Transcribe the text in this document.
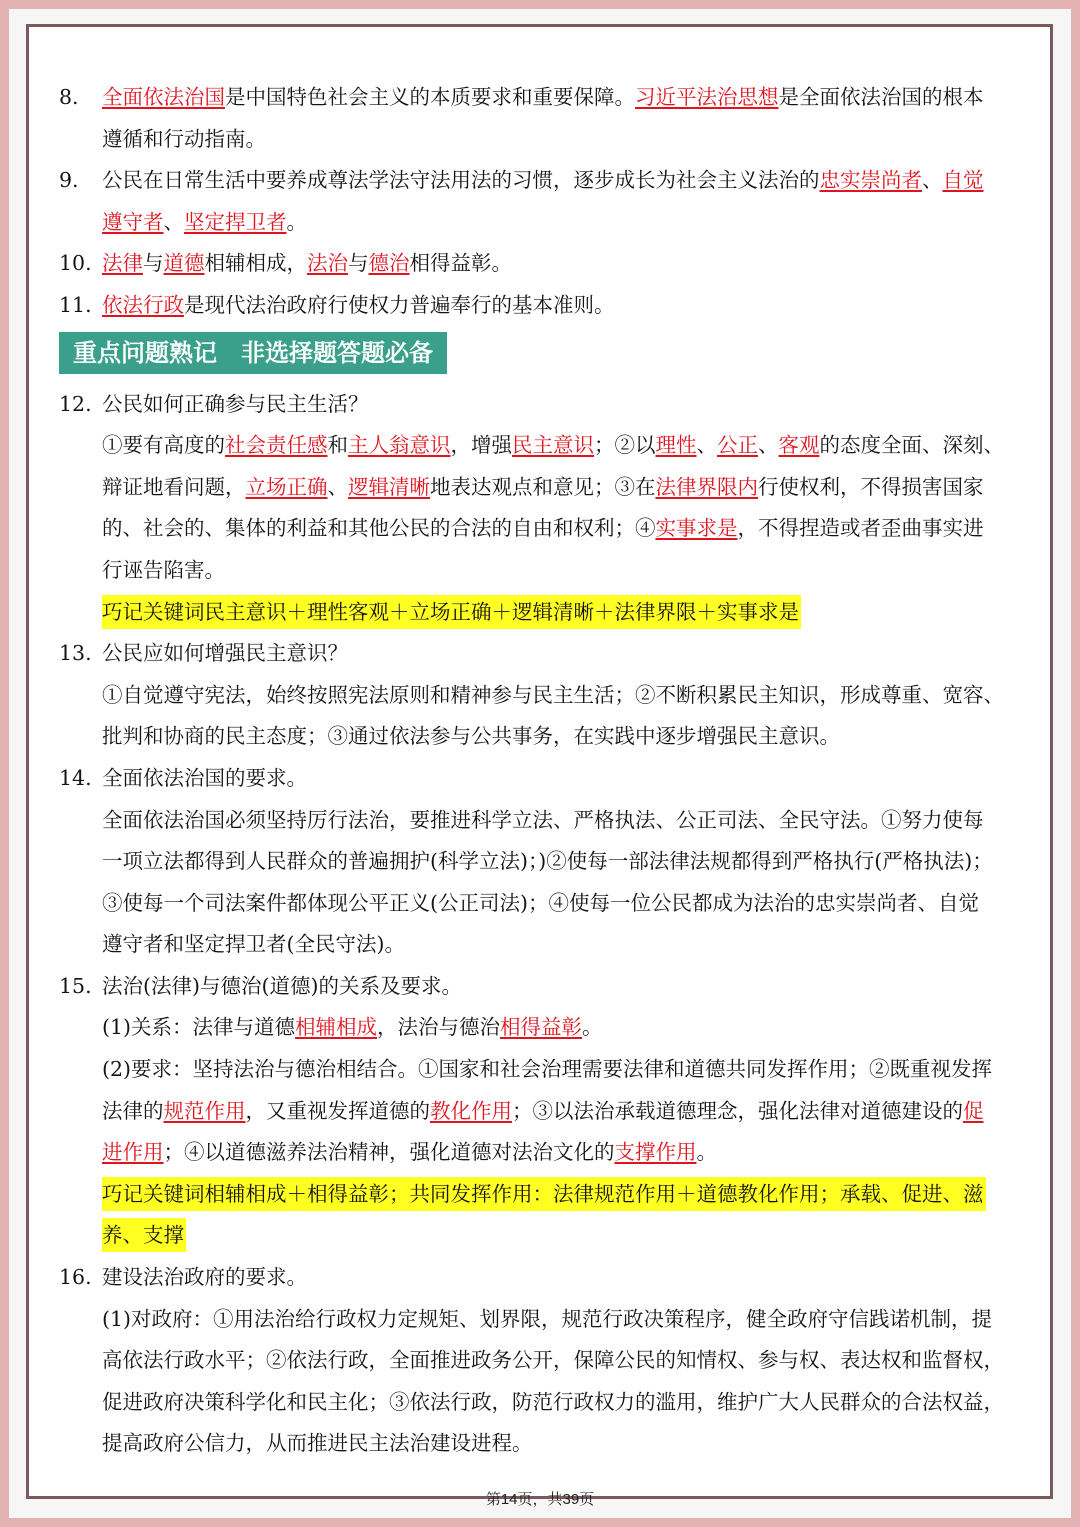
8. 全面依法治国是中国特色社会主义的本质要求和重要保障。习近平法治思想是全面依法治国的根本
遵循和行动指南。
9. 公民在日常生活中要养成尊法学法守法用法的习惯，逐步成长为社会主义法治的忠实崇尚者、自觉
遵守者、坚定捍卫者。
10. 法律与道德相辅相成，法治与德治相得益彰。
11. 依法行政是现代法治政府行使权力普遍奉行的基本准则。
重点问题熟记　非选择题答题必备
12. 公民如何正确参与民主生活？
①要有高度的社会责任感和主人翁意识，增强民主意识；②以理性、公正、客观的态度全面、深刻、
辩证地看问题，立场正确、逻辑清晰地表达观点和意见；③在法律界限内行使权利，不得损害国家
的、社会的、集体的利益和其他公民的合法的自由和权利；④实事求是，不得捏造或者歪曲事实进
行诬告陷害。
巧记关键词民主意识＋理性客观＋立场正确＋逻辑清晰＋法律界限＋实事求是
13. 公民应如何增强民主意识？
①自觉遵守宪法，始终按照宪法原则和精神参与民主生活；②不断积累民主知识，形成尊重、宽容、
批判和协商的民主态度；③通过依法参与公共事务，在实践中逐步增强民主意识。
14. 全面依法治国的要求。
全面依法治国必须坚持厉行法治，要推进科学立法、严格执法、公正司法、全民守法。①努力使每
一项立法都得到人民群众的普遍拥护(科学立法)；)②使每一部法律法规都得到严格执行(严格执法)；
③使每一个司法案件都体现公平正义(公正司法)；④使每一位公民都成为法治的忠实崇尚者、自觉
遵守者和坚定捍卫者(全民守法)。
15. 法治(法律)与德治(道德)的关系及要求。
(1)关系：法律与道德相辅相成，法治与德治相得益彰。
(2)要求：坚持法治与德治相结合。①国家和社会治理需要法律和道德共同发挥作用；②既重视发挥
法律的规范作用，又重视发挥道德的教化作用；③以法治承载道德理念，强化法律对道德建设的促
进作用；④以道德滋养法治精神，强化道德对法治文化的支撑作用。
巧记关键词相辅相成＋相得益彰；共同发挥作用：法律规范作用＋道德教化作用；承载、促进、滋
养、支撑
16. 建设法治政府的要求。
(1)对政府：①用法治给行政权力定规矩、划界限，规范行政决策程序，健全政府守信践诺机制，提
高依法行政水平；②依法行政，全面推进政务公开，保障公民的知情权、参与权、表达权和监督权，
促进政府决策科学化和民主化；③依法行政，防范行政权力的滥用，维护广大人民群众的合法权益，
提高政府公信力，从而推进民主法治建设进程。
第14页，共39页
